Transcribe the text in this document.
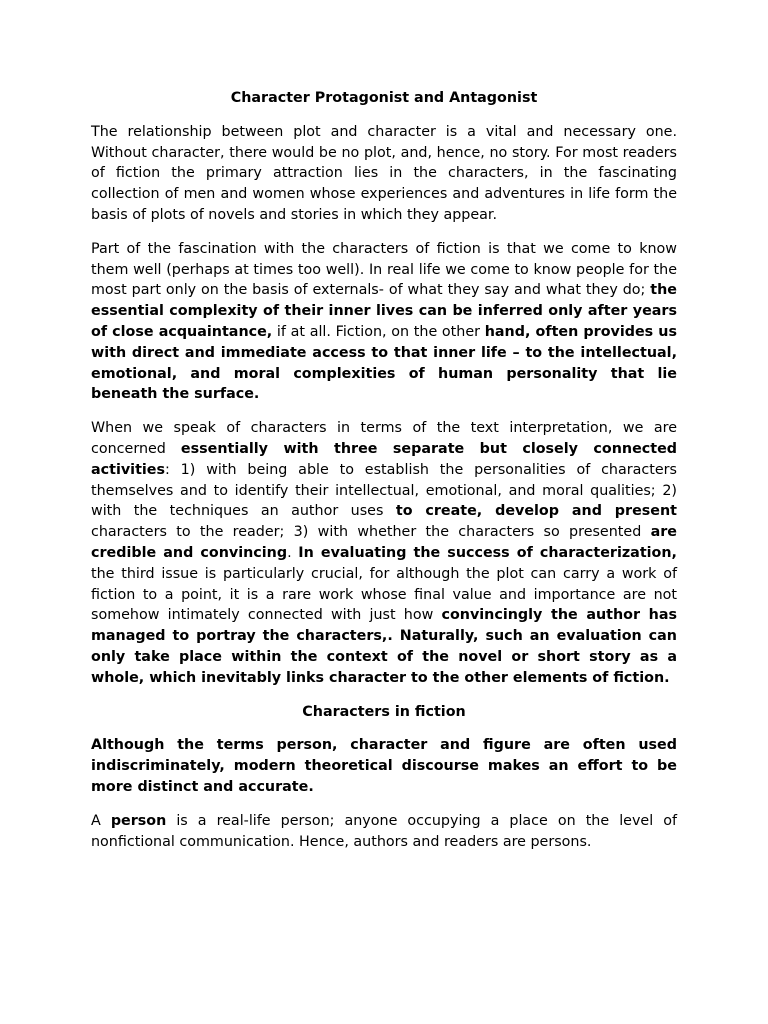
Character Protagonist and Antagonist

The relationship between plot and character is a vital and necessary one. Without character, there would be no plot, and, hence, no story. For most readers of fiction the primary attraction lies in the characters, in the fascinating collection of men and women whose experiences and adventures in life form the basis of plots of novels and stories in which they appear.

Part of the fascination with the characters of fiction is that we come to know them well (perhaps at times too well). In real life we come to know people for the most part only on the basis of externals- of what they say and what they do; the essential complexity of their inner lives can be inferred only after years of close acquaintance, if at all. Fiction, on the other hand, often provides us with direct and immediate access to that inner life – to the intellectual, emotional, and moral complexities of human personality that lie beneath the surface.

When we speak of characters in terms of the text interpretation, we are concerned essentially with three separate but closely connected activities: 1) with being able to establish the personalities of characters themselves and to identify their intellectual, emotional, and moral qualities; 2) with the techniques an author uses to create, develop and present characters to the reader; 3) with whether the characters so presented are credible and convincing. In evaluating the success of characterization, the third issue is particularly crucial, for although the plot can carry a work of fiction to a point, it is a rare work whose final value and importance are not somehow intimately connected with just how convincingly the author has managed to portray the characters,. Naturally, such an evaluation can only take place within the context of the novel or short story as a whole, which inevitably links character to the other elements of fiction.

Characters in fiction

Although the terms person, character and figure are often used indiscriminately, modern theoretical discourse makes an effort to be more distinct and accurate.

A person is a real-life person; anyone occupying a place on the level of nonfictional communication. Hence, authors and readers are persons.
